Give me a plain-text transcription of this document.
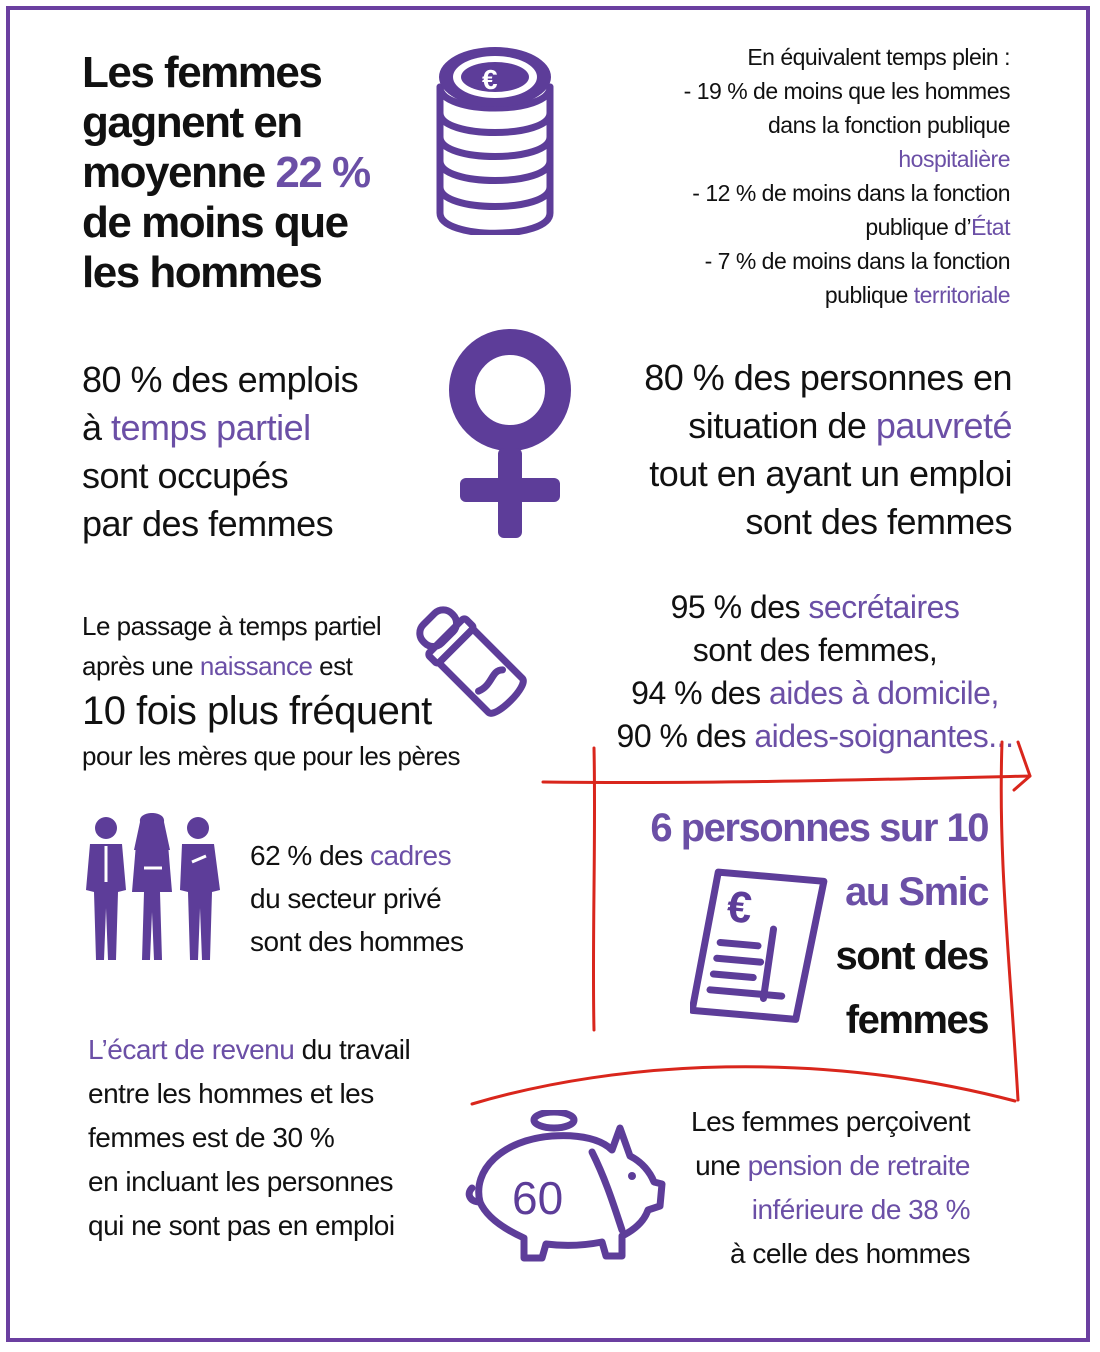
Les femmes
gagnent en
moyenne 22 %
de moins que
les hommes
€
En équivalent temps plein :
- 19 % de moins que les hommes
dans la fonction publique
hospitalière
- 12 % de moins dans la fonction
publique d’État
- 7 % de moins dans la fonction
publique territoriale
80 % des emplois
à temps partiel
sont occupés
par des femmes
80 % des personnes en
situation de pauvreté
tout en ayant un emploi
sont des femmes
Le passage à temps partiel
après une naissance est
10 fois plus fréquent
pour les mères que pour les pères
95 % des secrétaires
sont des femmes,
94 % des aides à domicile,
90 % des aides-soignantes...
62 % des cadres
du secteur privé
sont des hommes
6 personnes sur 10
au Smic
sont des
femmes
€
L’écart de revenu du travail
entre les hommes et les
femmes est de 30 %
en incluant les personnes
qui ne sont pas en emploi
60
Les femmes perçoivent
une pension de retraite
inférieure de 38 %
à celle des hommes
